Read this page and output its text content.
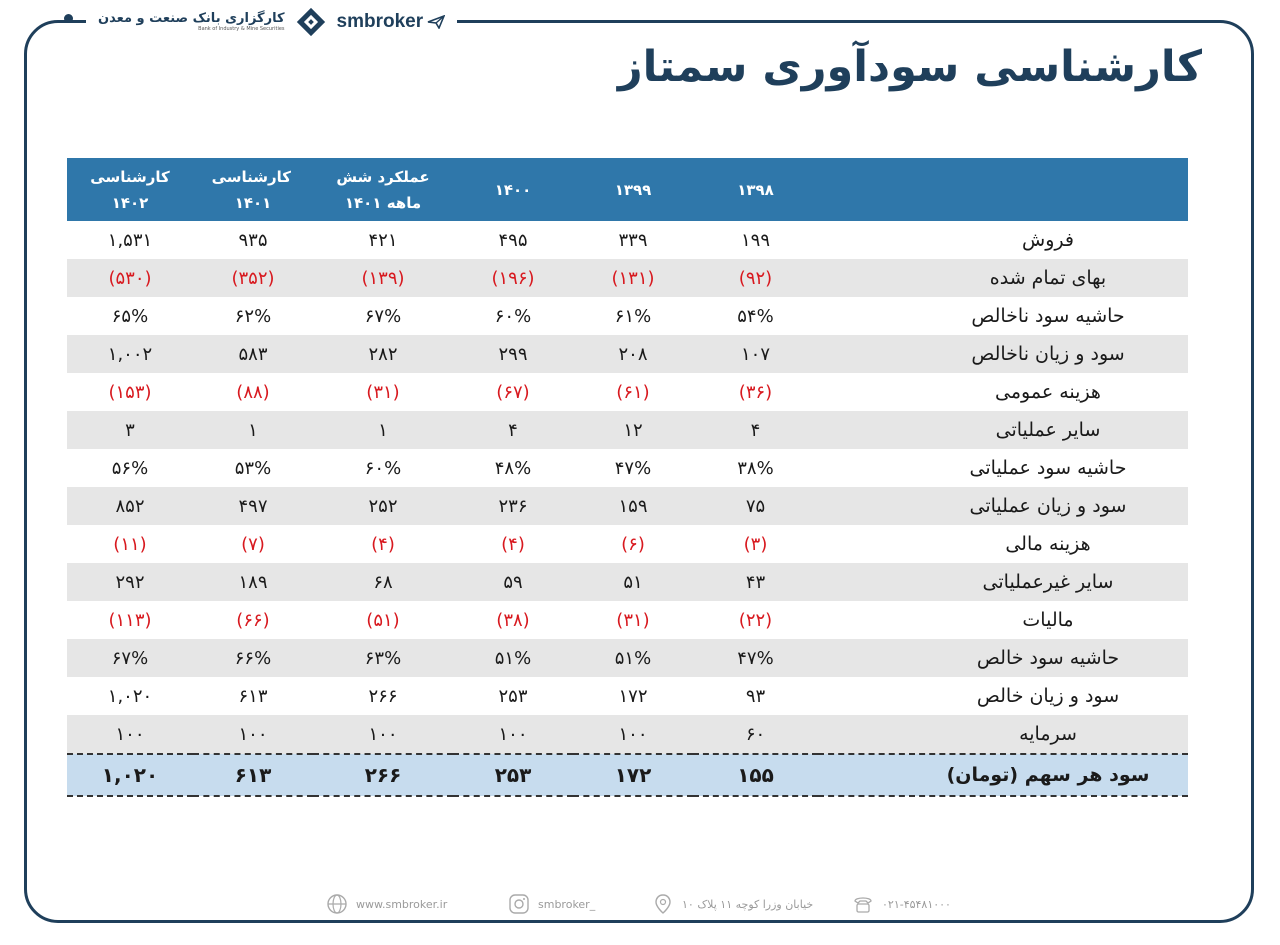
کارگزاری بانک صنعت و معدن
Bank of Industry & Mine Securities	smbroker
کارشناسی سودآوری سمتاز
	۱۳۹۸	۱۳۹۹	۱۴۰۰	عملکرد شش ماهه ۱۴۰۱	کارشناسی ۱۴۰۱	کارشناسی ۱۴۰۲
فروش	۱۹۹	۳۳۹	۴۹۵	۴۲۱	۹۳۵	۱,۵۳۱
بهای تمام شده	(۹۲)	(۱۳۱)	(۱۹۶)	(۱۳۹)	(۳۵۲)	(۵۳۰)
حاشیه سود ناخالص	۵۴%	۶۱%	۶۰%	۶۷%	۶۲%	۶۵%
سود و زیان ناخالص	۱۰۷	۲۰۸	۲۹۹	۲۸۲	۵۸۳	۱,۰۰۲
هزینه عمومی	(۳۶)	(۶۱)	(۶۷)	(۳۱)	(۸۸)	(۱۵۳)
سایر عملیاتی	۴	۱۲	۴	۱	۱	۳
حاشیه سود عملیاتی	۳۸%	۴۷%	۴۸%	۶۰%	۵۳%	۵۶%
سود و زیان عملیاتی	۷۵	۱۵۹	۲۳۶	۲۵۲	۴۹۷	۸۵۲
هزینه مالی	(۳)	(۶)	(۴)	(۴)	(۷)	(۱۱)
سایر غیرعملیاتی	۴۳	۵۱	۵۹	۶۸	۱۸۹	۲۹۲
مالیات	(۲۲)	(۳۱)	(۳۸)	(۵۱)	(۶۶)	(۱۱۳)
حاشیه سود خالص	۴۷%	۵۱%	۵۱%	۶۳%	۶۶%	۶۷%
سود و زیان خالص	۹۳	۱۷۲	۲۵۳	۲۶۶	۶۱۳	۱,۰۲۰
سرمایه	۶۰	۱۰۰	۱۰۰	۱۰۰	۱۰۰	۱۰۰
سود هر سهم (تومان)	۱۵۵	۱۷۲	۲۵۳	۲۶۶	۶۱۳	۱,۰۲۰
www.smbroker.ir	smbroker_	خیابان وزرا کوچه ۱۱ پلاک ۱۰	۰۲۱-۴۵۴۸۱۰۰۰
